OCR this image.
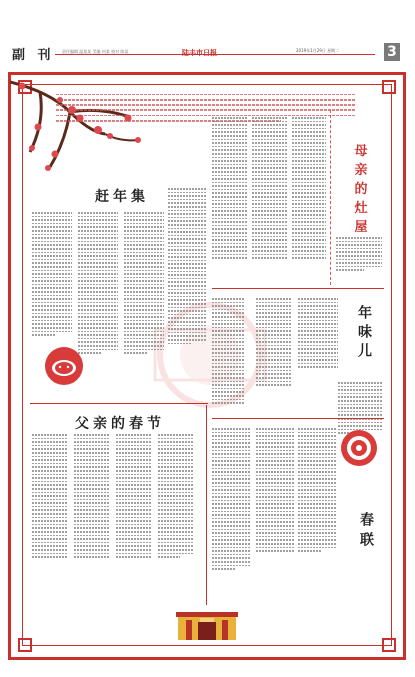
副 刊 责任编辑 温某某 美编 何某 校对 陈某	陆丰市日报	2019年1月29日 星期二	3
赶年集
母亲的灶屋
年味儿
父亲的春节
春联
